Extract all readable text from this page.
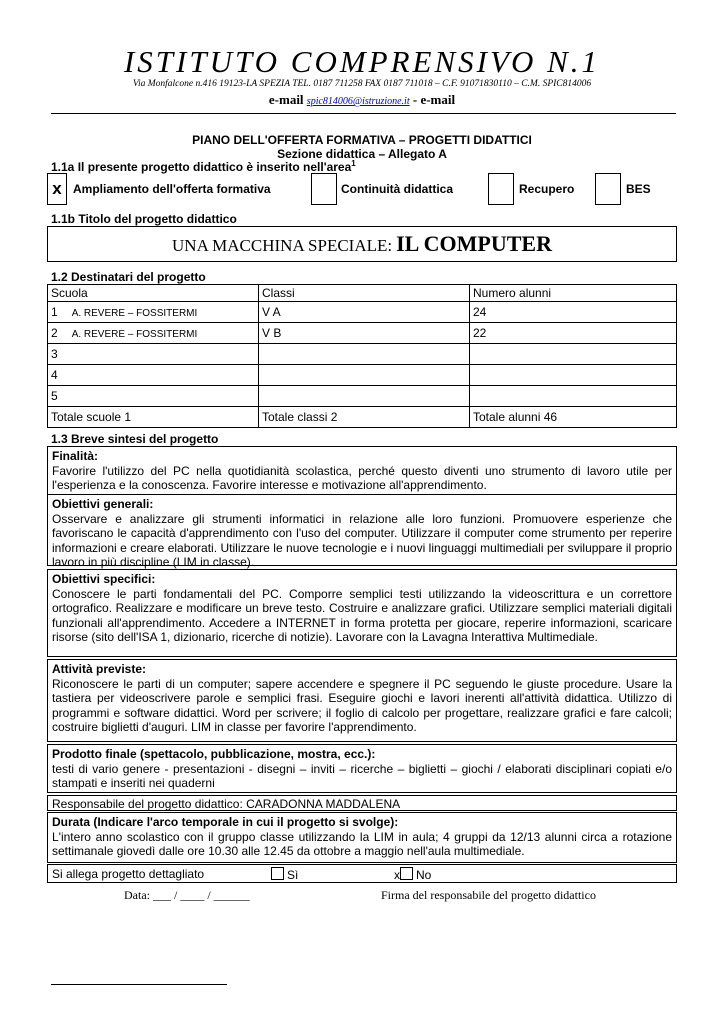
ISTITUTO COMPRENSIVO N.1
Via Monfalcone n.416 19123-LA SPEZIA TEL. 0187 711258 FAX 0187 711018 – C.F. 91071830110 – C.M. SPIC814006
e-mail spic814006@istruzione.it - e-mail
PIANO DELL'OFFERTA FORMATIVA – PROGETTI DIDATTICI
Sezione didattica – Allegato A
1.1a Il presente progetto didattico è inserito nell'area$^1$
x Ampliamento dell'offerta formativa	Continuità didattica	Recupero	BES
1.1b Titolo del progetto didattico
UNA MACCHINA SPECIALE: IL COMPUTER
1.2 Destinatari del progetto
Scuola	Classi	Numero alunni
1 A. REVERE – FOSSITERMI	V A	24
2 A. REVERE – FOSSITERMI	V B	22
3		
4		
5		
Totale scuole 1	Totale classi 2	Totale alunni 46
1.3 Breve sintesi del progetto
Finalità:
Favorire l'utilizzo del PC nella quotidianità scolastica, perché questo diventi uno strumento di lavoro utile per l'esperienza e la conoscenza. Favorire interesse e motivazione all'apprendimento.
Obiettivi generali:
Osservare e analizzare gli strumenti informatici in relazione alle loro funzioni. Promuovere esperienze che favoriscano le capacità d'apprendimento con l'uso del computer. Utilizzare il computer come strumento per reperire informazioni e creare elaborati. Utilizzare le nuove tecnologie e i nuovi linguaggi multimediali per sviluppare il proprio lavoro in più discipline (LIM in classe).
Obiettivi specifici:
Conoscere le parti fondamentali del PC. Comporre semplici testi utilizzando la videoscrittura e un correttore ortografico. Realizzare e modificare un breve testo. Costruire e analizzare grafici. Utilizzare semplici materiali digitali funzionali all'apprendimento. Accedere a INTERNET in forma protetta per giocare, reperire informazioni, scaricare risorse (sito dell'ISA 1, dizionario, ricerche di notizie). Lavorare con la Lavagna Interattiva Multimediale.
Attività previste:
Riconoscere le parti di un computer; sapere accendere e spegnere il PC seguendo le giuste procedure. Usare la tastiera per videoscrivere parole e semplici frasi. Eseguire giochi e lavori inerenti all'attività didattica. Utilizzo di programmi e software didattici. Word per scrivere; il foglio di calcolo per progettare, realizzare grafici e fare calcoli; costruire biglietti d'auguri. LIM in classe per favorire l'apprendimento.
Prodotto finale (spettacolo, pubblicazione, mostra, ecc.):
testi di vario genere - presentazioni - disegni – inviti – ricerche – biglietti – giochi / elaborati disciplinari copiati e/o stampati e inseriti nei quaderni
Responsabile del progetto didattico: CARADONNA MADDALENA
Durata (Indicare l'arco temporale in cui il progetto si svolge):
L'intero anno scolastico con il gruppo classe utilizzando la LIM in aula; 4 gruppi da 12/13 alunni circa a rotazione settimanale giovedì dalle ore 10.30 alle 12.45 da ottobre a maggio nell'aula multimediale.
Si allega progetto dettagliato	Sì	x No
Data: ___ / ____ / ______	Firma del responsabile del progetto didattico
